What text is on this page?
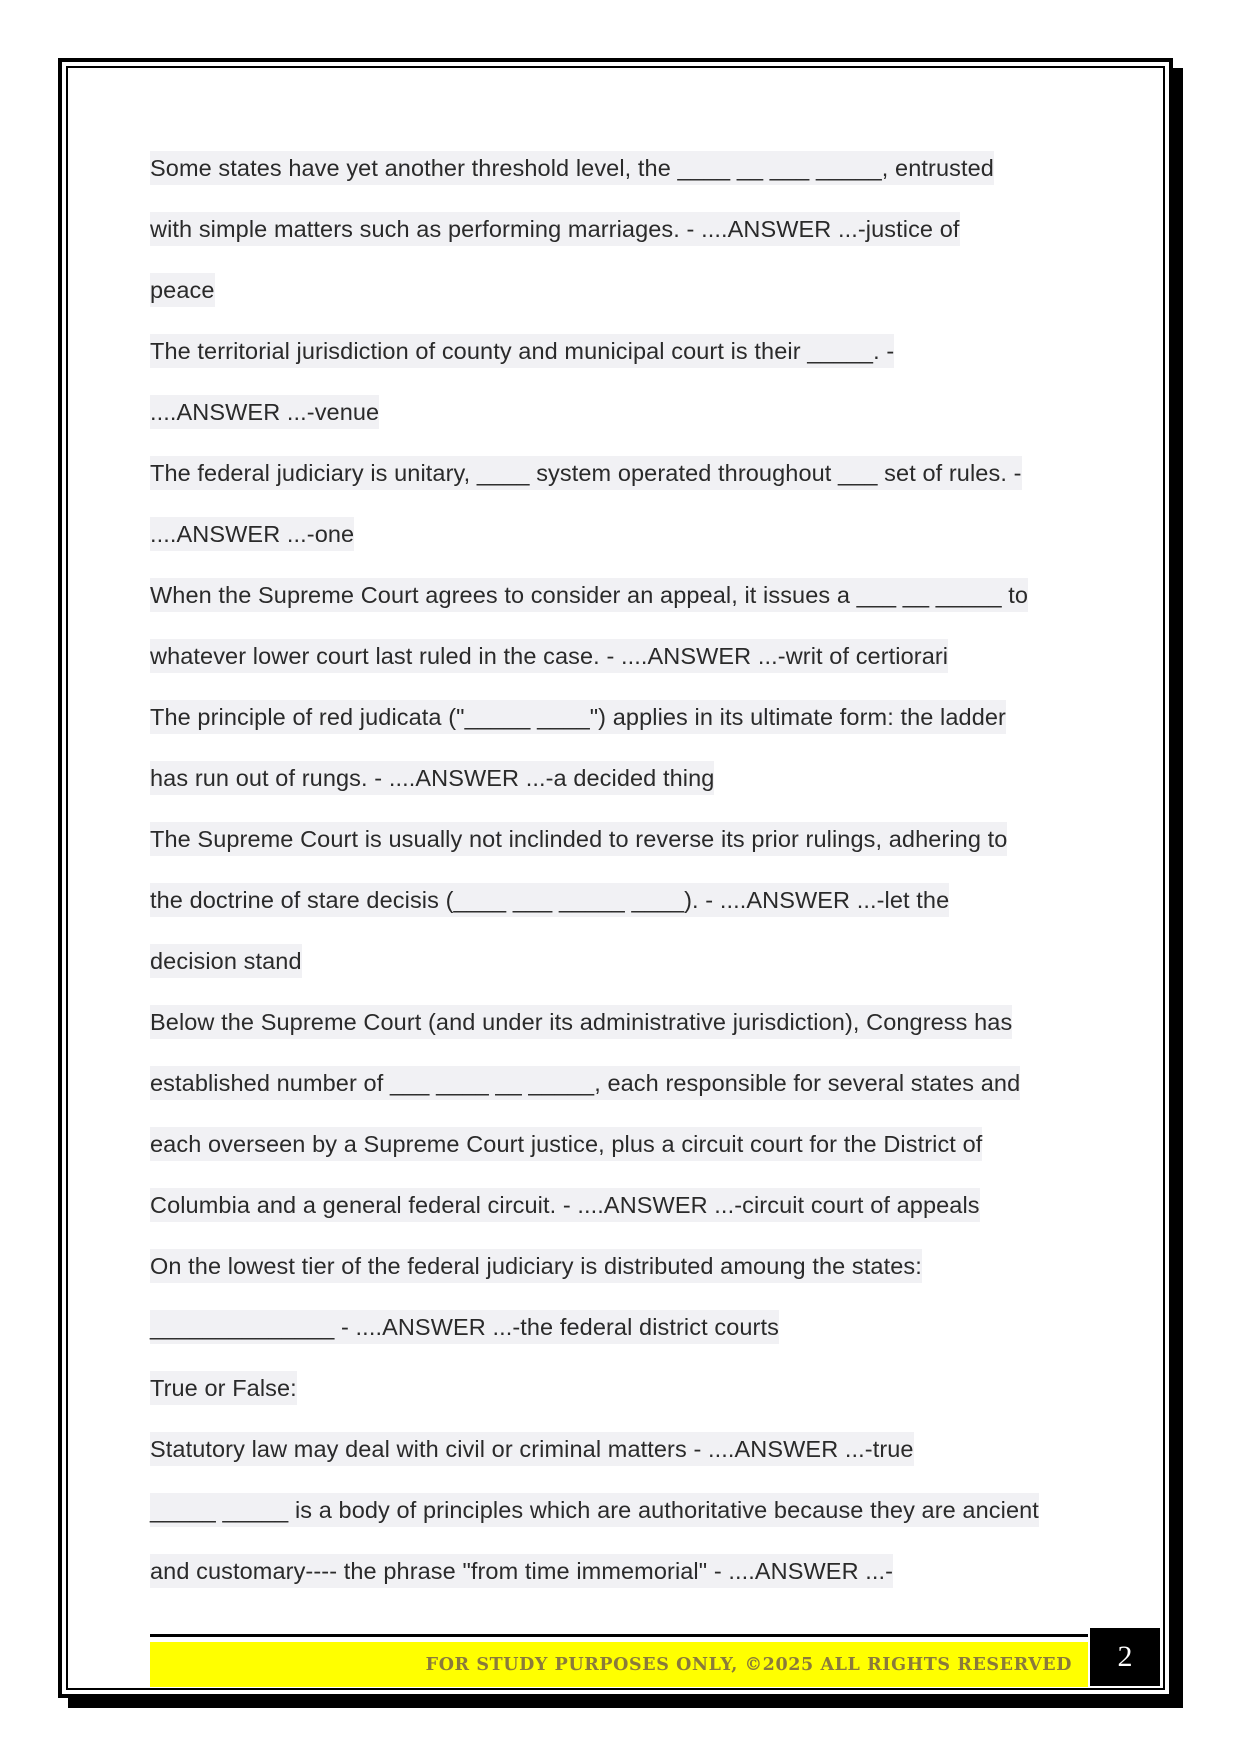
Some states have yet another threshold level, the ____ __ ___ _____, entrusted
with simple matters such as performing marriages. - ....ANSWER ...-justice of
peace
The territorial jurisdiction of county and municipal court is their _____. -
....ANSWER ...-venue
The federal judiciary is unitary, ____ system operated throughout ___ set of rules. -
....ANSWER ...-one
When the Supreme Court agrees to consider an appeal, it issues a ___ __ _____ to
whatever lower court last ruled in the case. - ....ANSWER ...-writ of certiorari
The principle of red judicata ("_____ ____") applies in its ultimate form: the ladder
has run out of rungs. - ....ANSWER ...-a decided thing
The Supreme Court is usually not inclinded to reverse its prior rulings, adhering to
the doctrine of stare decisis (____ ___ _____ ____). - ....ANSWER ...-let the
decision stand
Below the Supreme Court (and under its administrative jurisdiction), Congress has
established number of ___ ____ __ _____, each responsible for several states and
each overseen by a Supreme Court justice, plus a circuit court for the District of
Columbia and a general federal circuit. - ....ANSWER ...-circuit court of appeals
On the lowest tier of the federal judiciary is distributed amoung the states:
______________ - ....ANSWER ...-the federal district courts
True or False:
Statutory law may deal with civil or criminal matters - ....ANSWER ...-true
_____ _____ is a body of principles which are authoritative because they are ancient
and customary---- the phrase "from time immemorial" - ....ANSWER ...-
FOR STUDY PURPOSES ONLY, ©2025 ALL RIGHTS RESERVED	2
